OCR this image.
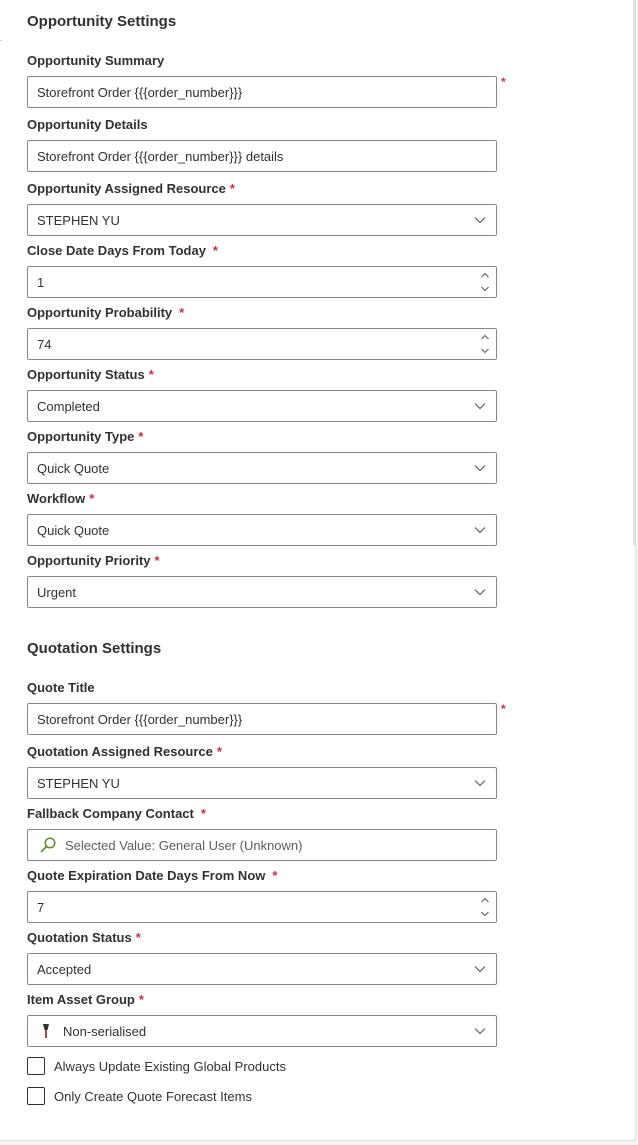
Opportunity Settings
Opportunity Summary
Storefront Order {{{order_number}}}
*
Opportunity Details
Storefront Order {{{order_number}}} details
Opportunity Assigned Resource *
STEPHEN YU
Close Date Days From Today *
1
Opportunity Probability *
74
Opportunity Status *
Completed
Opportunity Type *
Quick Quote
Workflow *
Quick Quote
Opportunity Priority *
Urgent
Quotation Settings
Quote Title
Storefront Order {{{order_number}}}
*
Quotation Assigned Resource *
STEPHEN YU
Fallback Company Contact *
Selected Value: General User (Unknown)
Quote Expiration Date Days From Now *
7
Quotation Status *
Accepted
Item Asset Group *
Non-serialised
Always Update Existing Global Products
Only Create Quote Forecast Items
